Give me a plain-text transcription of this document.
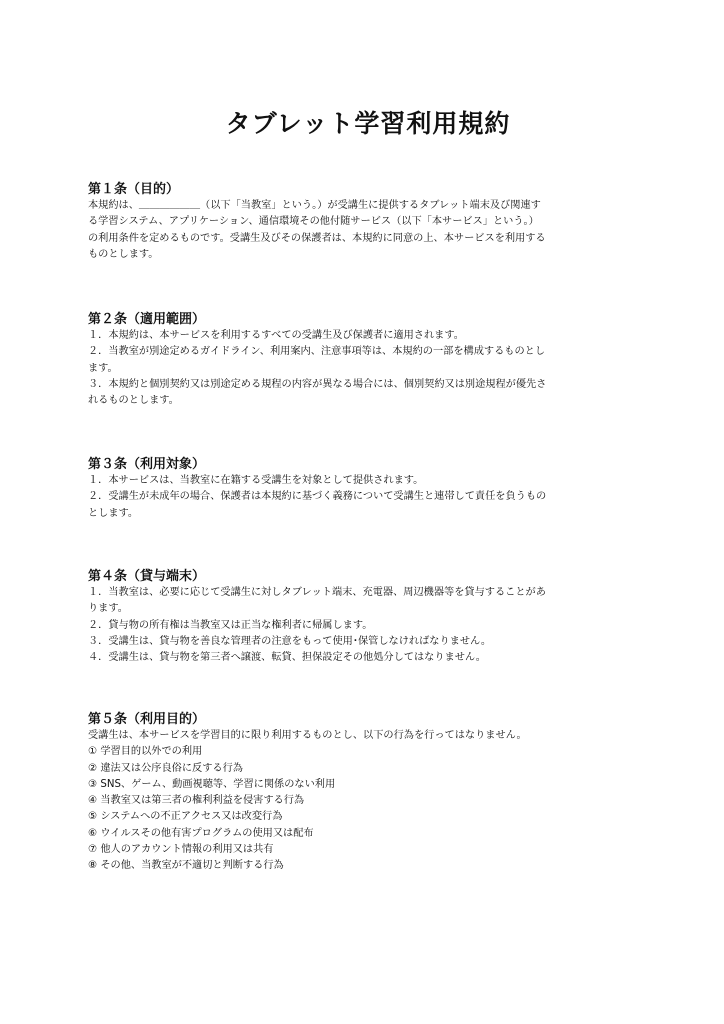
タブレット学習利用規約
第１条（目的）

本規約は、＿＿＿＿＿＿（以下「当教室」という。）が受講生に提供するタブレット端末及び関連す
る学習システム、アプリケーション、通信環境その他付随サービス（以下「本サービス」という。）
の利用条件を定めるものです。受講生及びその保護者は、本規約に同意の上、本サービスを利用する
ものとします。

第２条（適用範囲）

１．本規約は、本サービスを利用するすべての受講生及び保護者に適用されます。
２．当教室が別途定めるガイドライン、利用案内、注意事項等は、本規約の一部を構成するものとし
ます。
３．本規約と個別契約又は別途定める規程の内容が異なる場合には、個別契約又は別途規程が優先さ
れるものとします。

第３条（利用対象）

１．本サービスは、当教室に在籍する受講生を対象として提供されます。
２．受講生が未成年の場合、保護者は本規約に基づく義務について受講生と連帯して責任を負うもの
とします。

第４条（貸与端末）

１．当教室は、必要に応じて受講生に対しタブレット端末、充電器、周辺機器等を貸与することがあ
ります。
２．貸与物の所有権は当教室又は正当な権利者に帰属します。
３．受講生は、貸与物を善良な管理者の注意をもって使用･保管しなければなりません。
４．受講生は、貸与物を第三者へ譲渡、転貸、担保設定その他処分してはなりません。

第５条（利用目的）

受講生は、本サービスを学習目的に限り利用するものとし、以下の行為を行ってはなりません。
① 学習目的以外での利用
② 違法又は公序良俗に反する行為
③ SNS、ゲーム、動画視聴等、学習に関係のない利用
④ 当教室又は第三者の権利利益を侵害する行為
⑤ システムへの不正アクセス又は改変行為
⑥ ウイルスその他有害プログラムの使用又は配布
⑦ 他人のアカウント情報の利用又は共有
⑧ その他、当教室が不適切と判断する行為
